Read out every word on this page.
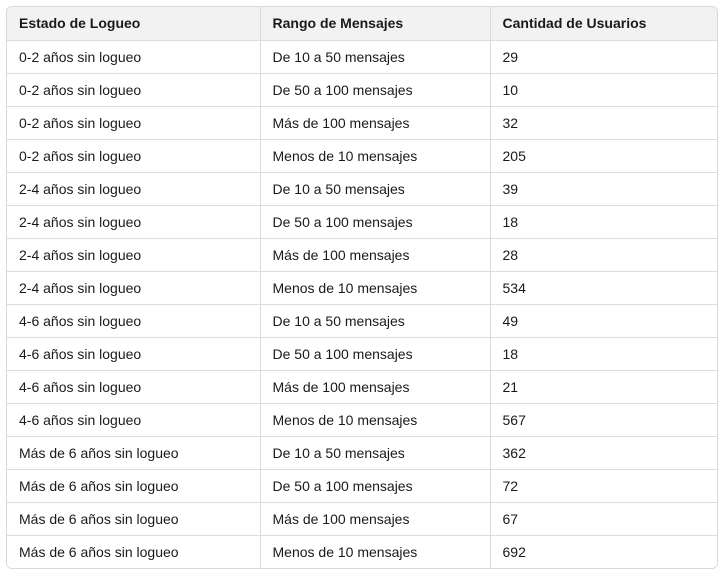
Estado de Logueo	Rango de Mensajes	Cantidad de Usuarios
0-2 años sin logueo	De 10 a 50 mensajes	29
0-2 años sin logueo	De 50 a 100 mensajes	10
0-2 años sin logueo	Más de 100 mensajes	32
0-2 años sin logueo	Menos de 10 mensajes	205
2-4 años sin logueo	De 10 a 50 mensajes	39
2-4 años sin logueo	De 50 a 100 mensajes	18
2-4 años sin logueo	Más de 100 mensajes	28
2-4 años sin logueo	Menos de 10 mensajes	534
4-6 años sin logueo	De 10 a 50 mensajes	49
4-6 años sin logueo	De 50 a 100 mensajes	18
4-6 años sin logueo	Más de 100 mensajes	21
4-6 años sin logueo	Menos de 10 mensajes	567
Más de 6 años sin logueo	De 10 a 50 mensajes	362
Más de 6 años sin logueo	De 50 a 100 mensajes	72
Más de 6 años sin logueo	Más de 100 mensajes	67
Más de 6 años sin logueo	Menos de 10 mensajes	692
